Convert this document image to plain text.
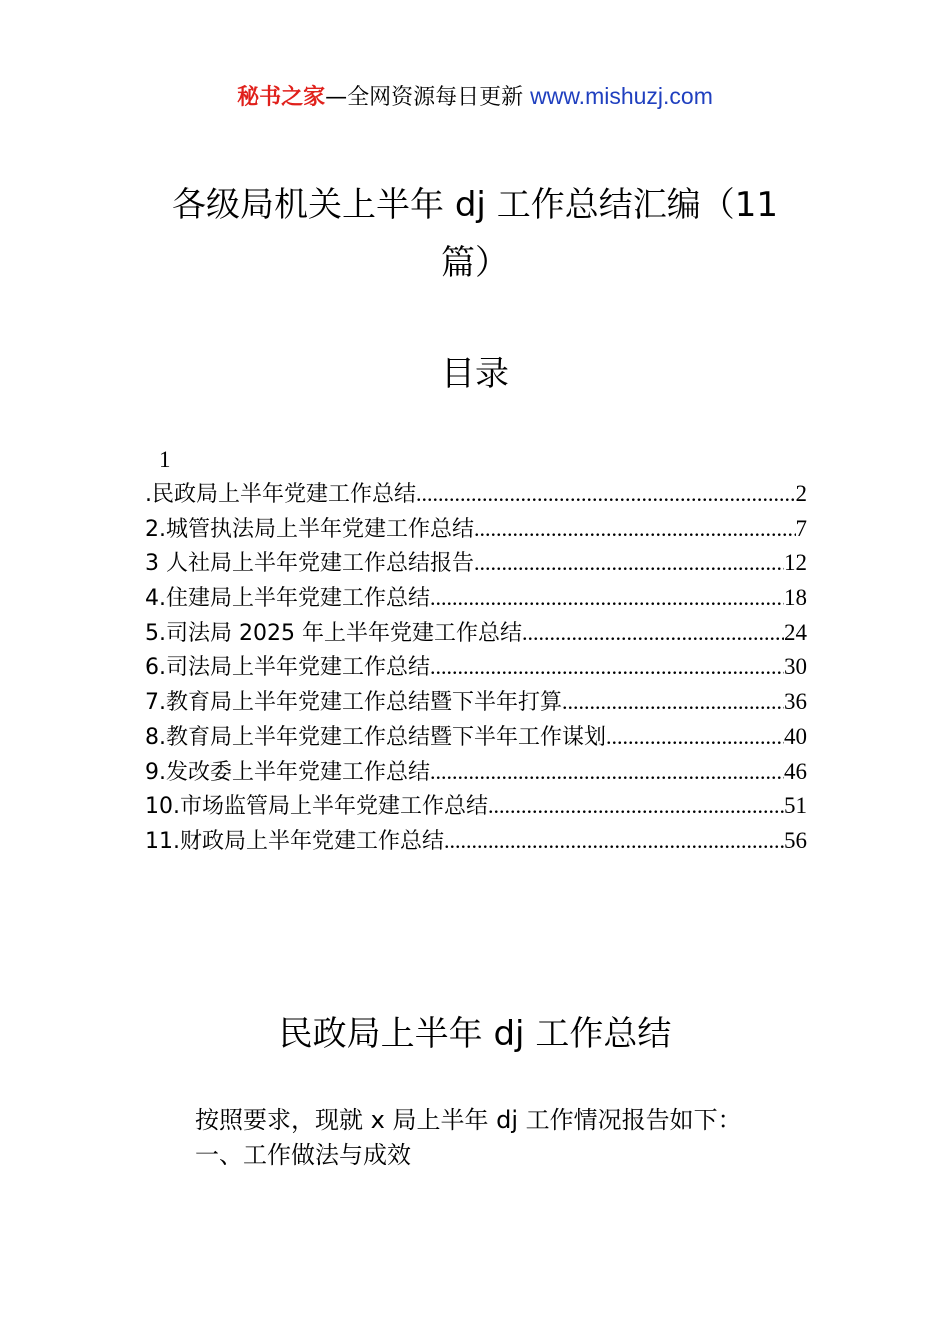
秘书之家—全网资源每日更新 www.mishuzj.com
各级局机关上半年 dj 工作总结汇编（11 篇）
目录
1
.民政局上半年党建工作总结 .....	2
2.城管执法局上半年党建工作总结 .....	7
3 人社局上半年党建工作总结报告 .....	12
4.住建局上半年党建工作总结 .....	18
5.司法局 2025 年上半年党建工作总结 .....	24
6.司法局上半年党建工作总结 .....	30
7.教育局上半年党建工作总结暨下半年打算 .....	36
8.教育局上半年党建工作总结暨下半年工作谋划 .....	40
9.发改委上半年党建工作总结 .....	46
10.市场监管局上半年党建工作总结 .....	51
11.财政局上半年党建工作总结 .....	56
民政局上半年 dj 工作总结
按照要求，现就 x 局上半年 dj 工作情况报告如下：
一、工作做法与成效
